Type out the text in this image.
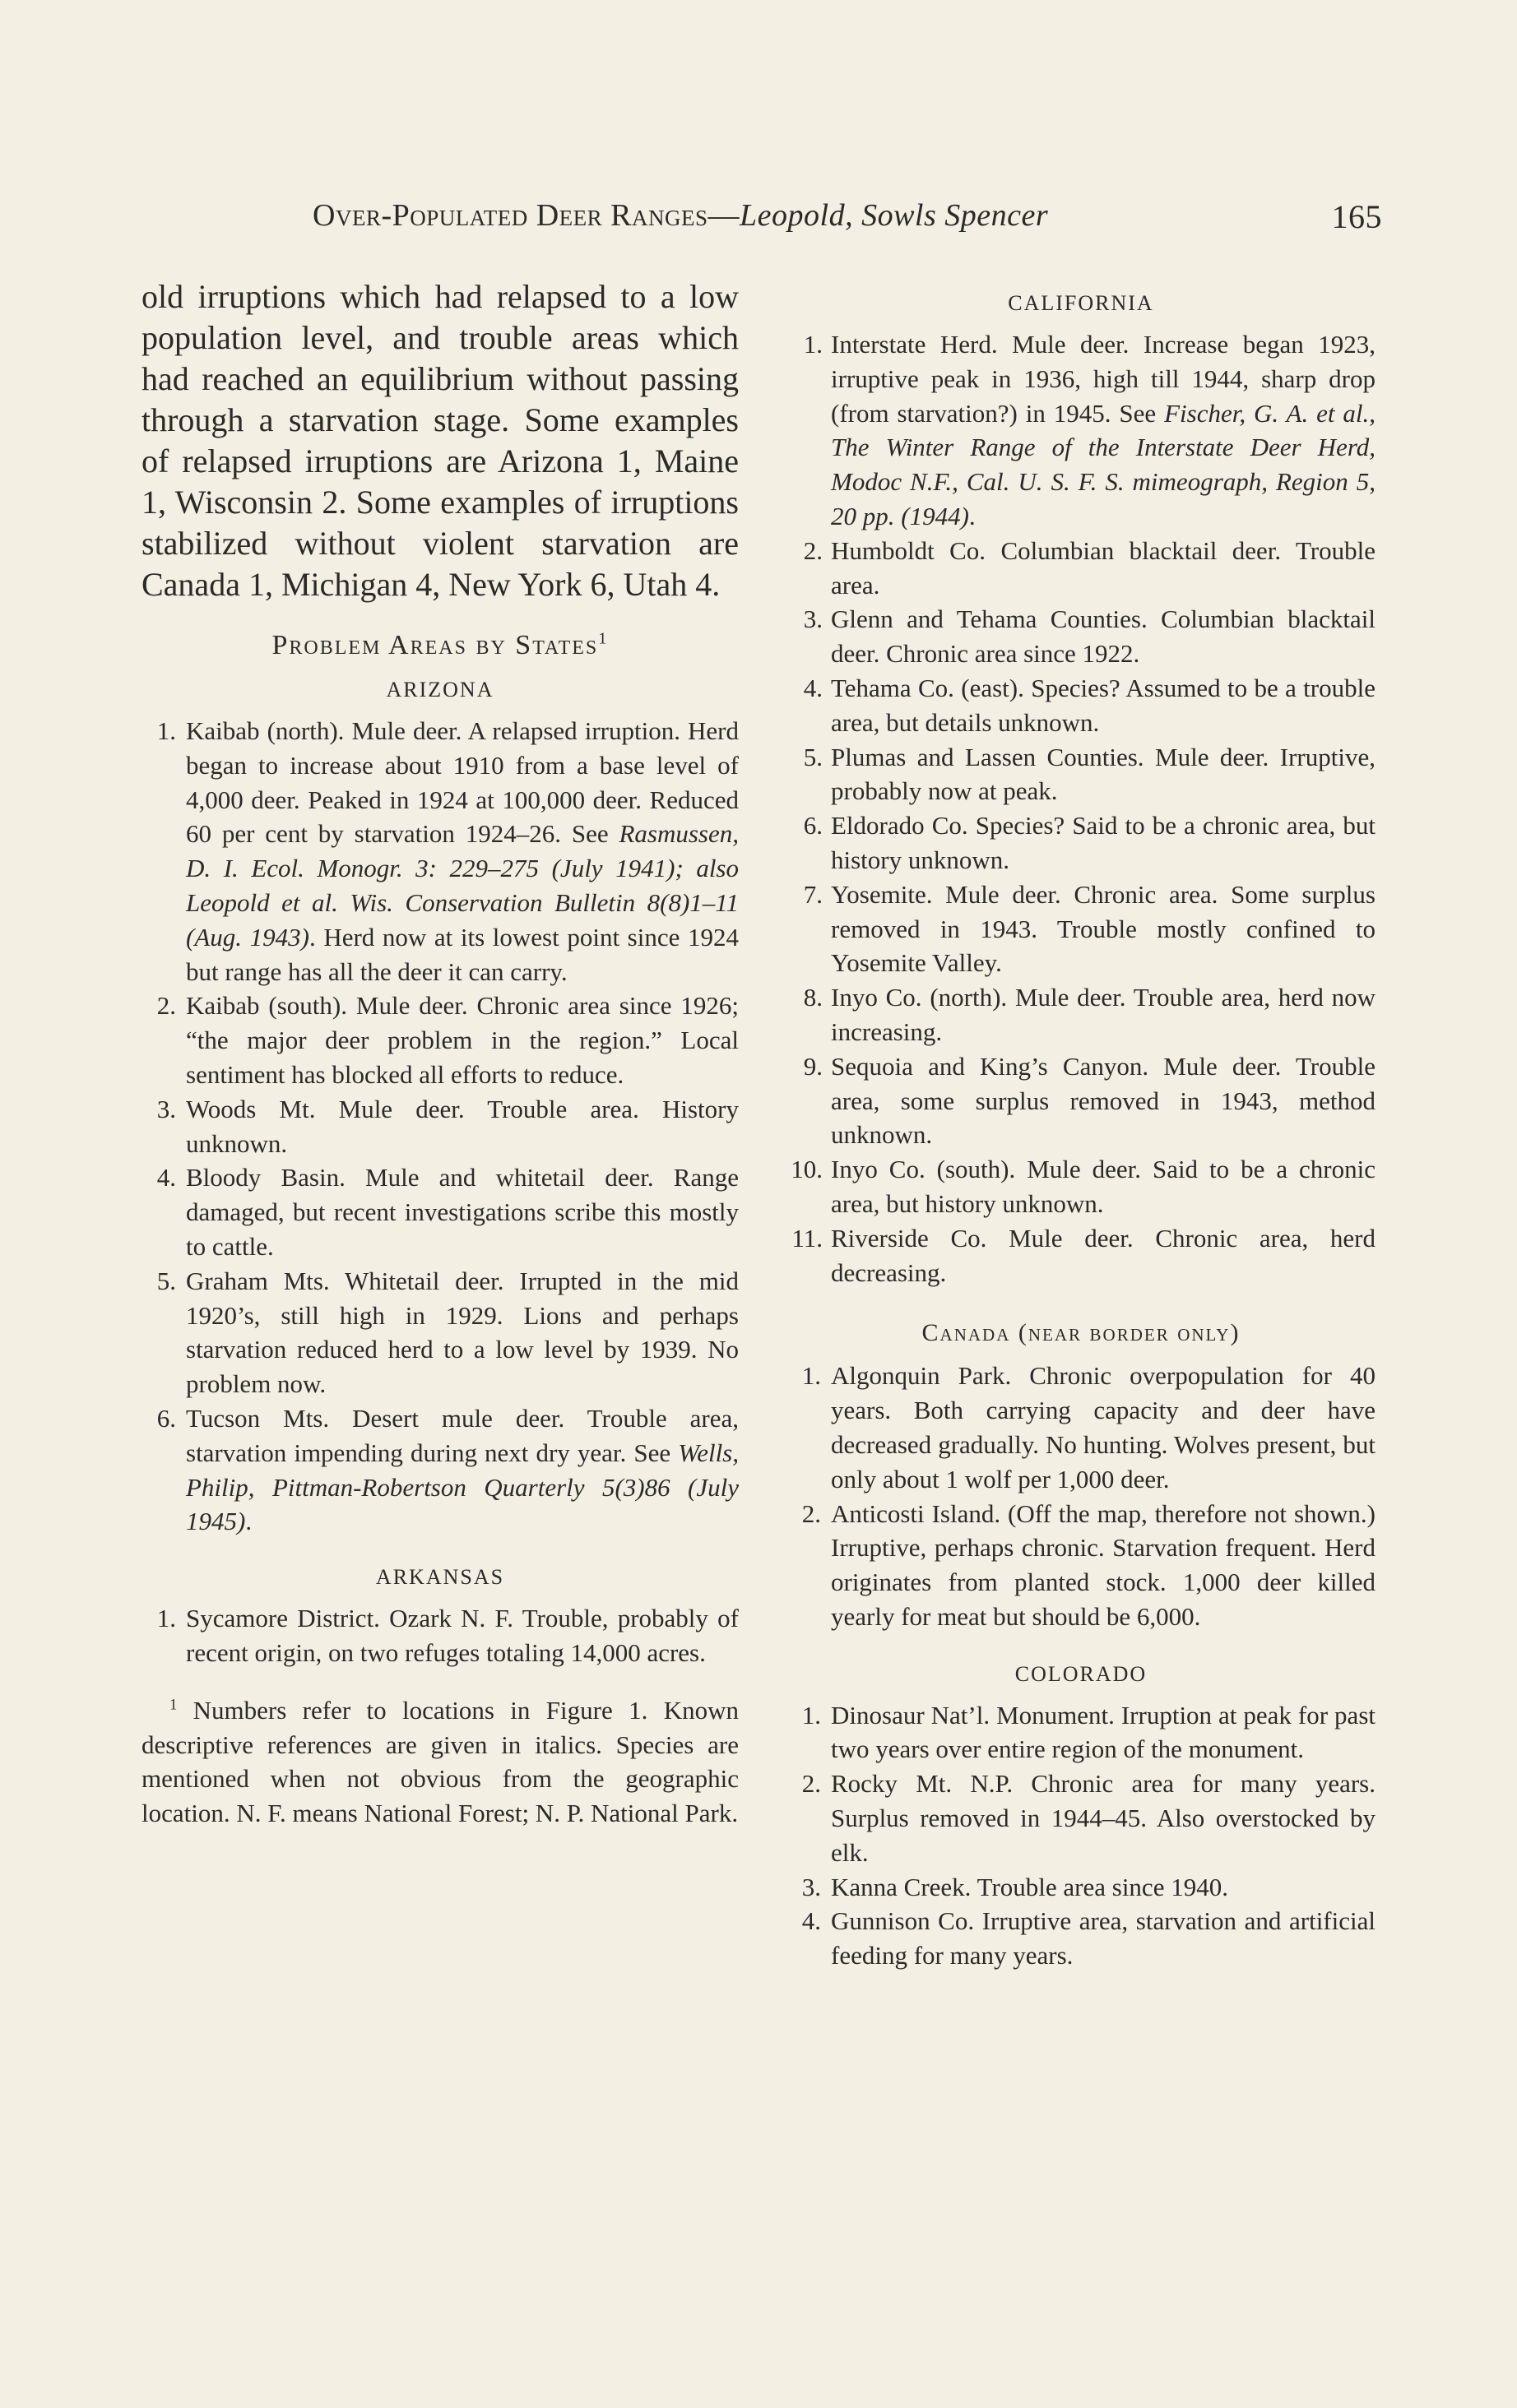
Over-Populated Deer Ranges—Leopold, Sowls Spencer	165

old irruptions which had relapsed to a low population level, and trouble areas which had reached an equilibrium without passing through a starvation stage. Some examples of relapsed irruptions are Arizona 1, Maine 1, Wisconsin 2. Some examples of irruptions stabilized without violent starvation are Canada 1, Michigan 4, New York 6, Utah 4.

Problem Areas by States$^1$
ARIZONA
1. Kaibab (north). Mule deer. A relapsed irruption. Herd began to increase about 1910 from a base level of 4,000 deer. Peaked in 1924 at 100,000 deer. Reduced 60 per cent by starvation 1924–26. See Rasmussen, D. I. Ecol. Monogr. 3: 229–275 (July 1941); also Leopold et al. Wis. Conservation Bulletin 8(8)1–11 (Aug. 1943). Herd now at its lowest point since 1924 but range has all the deer it can carry.
2. Kaibab (south). Mule deer. Chronic area since 1926; “the major deer problem in the region.” Local sentiment has blocked all efforts to reduce.
3. Woods Mt. Mule deer. Trouble area. History unknown.
4. Bloody Basin. Mule and whitetail deer. Range damaged, but recent investigations scribe this mostly to cattle.
5. Graham Mts. Whitetail deer. Irrupted in the mid 1920’s, still high in 1929. Lions and perhaps starvation reduced herd to a low level by 1939. No problem now.
6. Tucson Mts. Desert mule deer. Trouble area, starvation impending during next dry year. See Wells, Philip, Pittman-Robertson Quarterly 5(3)86 (July 1945).
ARKANSAS
1. Sycamore District. Ozark N. F. Trouble, probably of recent origin, on two refuges totaling 14,000 acres.

$^1$ Numbers refer to locations in Figure 1. Known descriptive references are given in italics. Species are mentioned when not obvious from the geographic location. N. F. means National Forest; N. P. National Park.

CALIFORNIA
1. Interstate Herd. Mule deer. Increase began 1923, irruptive peak in 1936, high till 1944, sharp drop (from starvation?) in 1945. See Fischer, G. A. et al., The Winter Range of the Interstate Deer Herd, Modoc N.F., Cal. U. S. F. S. mimeograph, Region 5, 20 pp. (1944).
2. Humboldt Co. Columbian blacktail deer. Trouble area.
3. Glenn and Tehama Counties. Columbian blacktail deer. Chronic area since 1922.
4. Tehama Co. (east). Species? Assumed to be a trouble area, but details unknown.
5. Plumas and Lassen Counties. Mule deer. Irruptive, probably now at peak.
6. Eldorado Co. Species? Said to be a chronic area, but history unknown.
7. Yosemite. Mule deer. Chronic area. Some surplus removed in 1943. Trouble mostly confined to Yosemite Valley.
8. Inyo Co. (north). Mule deer. Trouble area, herd now increasing.
9. Sequoia and King’s Canyon. Mule deer. Trouble area, some surplus removed in 1943, method unknown.
10. Inyo Co. (south). Mule deer. Said to be a chronic area, but history unknown.
11. Riverside Co. Mule deer. Chronic area, herd decreasing.
Canada (near border only)
1. Algonquin Park. Chronic overpopulation for 40 years. Both carrying capacity and deer have decreased gradually. No hunting. Wolves present, but only about 1 wolf per 1,000 deer.
2. Anticosti Island. (Off the map, therefore not shown.) Irruptive, perhaps chronic. Starvation frequent. Herd originates from planted stock. 1,000 deer killed yearly for meat but should be 6,000.
COLORADO
1. Dinosaur Nat’l. Monument. Irruption at peak for past two years over entire region of the monument.
2. Rocky Mt. N.P. Chronic area for many years. Surplus removed in 1944–45. Also overstocked by elk.
3. Kanna Creek. Trouble area since 1940.
4. Gunnison Co. Irruptive area, starvation and artificial feeding for many years.
